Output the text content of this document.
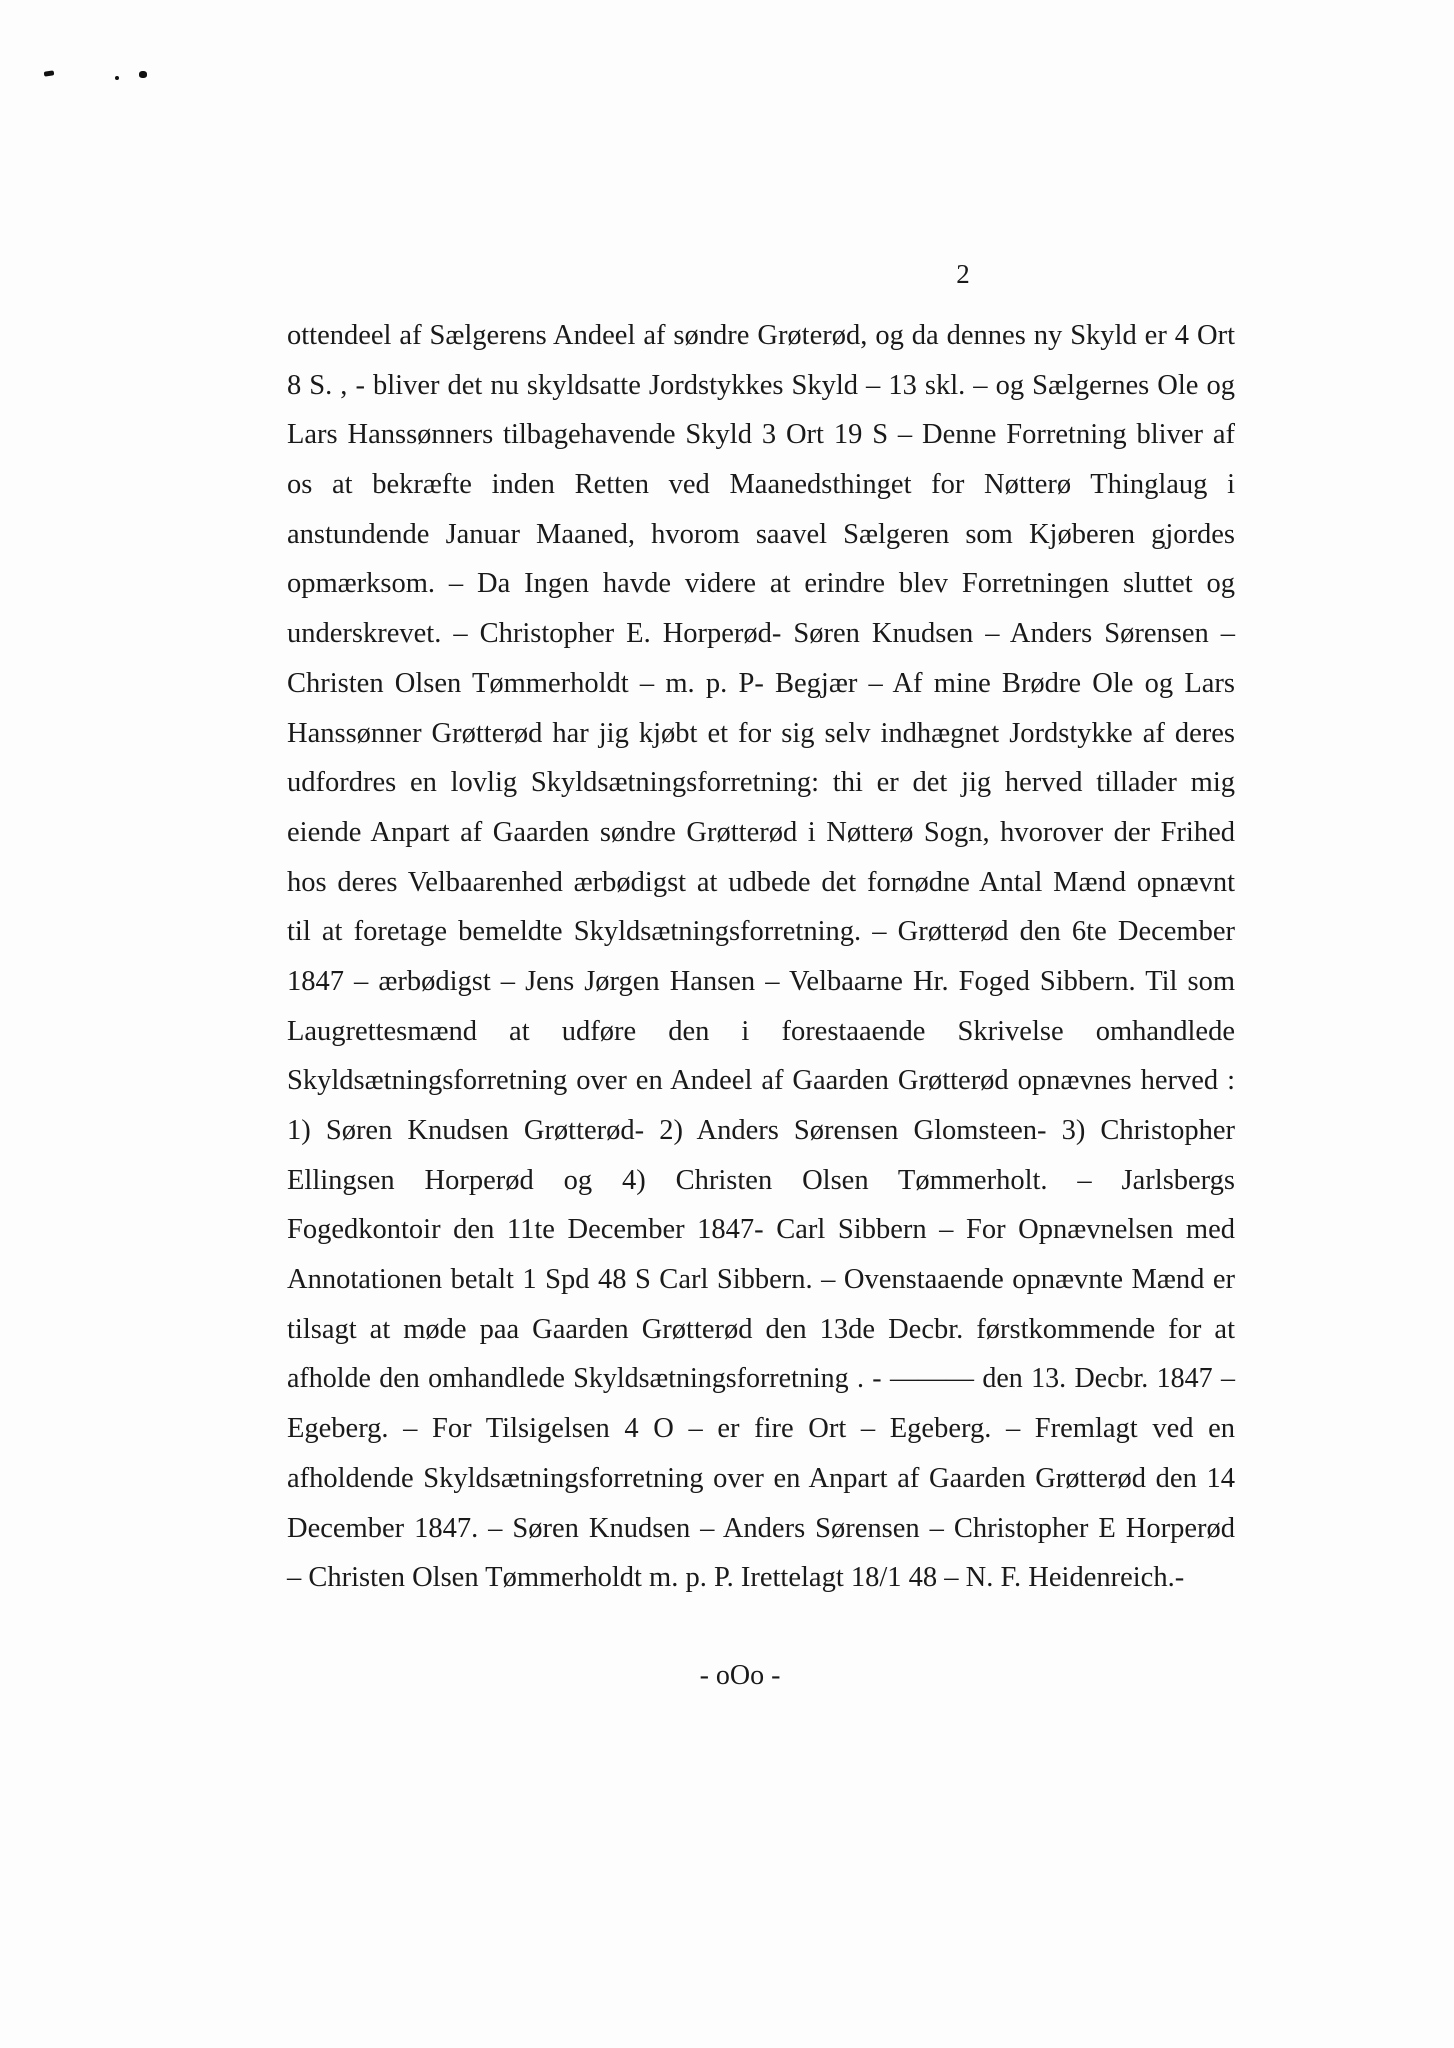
2
ottendeel af Sælgerens Andeel af søndre Grøterød, og da dennes ny Skyld er 4 Ort
8 S. , - bliver det nu skyldsatte Jordstykkes Skyld – 13 skl. – og Sælgernes Ole og
Lars Hanssønners tilbagehavende Skyld 3 Ort 19 S – Denne Forretning bliver af
os at bekræfte inden Retten ved Maanedsthinget for Nøtterø Thinglaug i
anstundende Januar Maaned, hvorom saavel Sælgeren som Kjøberen gjordes
opmærksom. – Da Ingen havde videre at erindre blev Forretningen sluttet og
underskrevet. – Christopher E. Horperød- Søren Knudsen – Anders Sørensen –
Christen Olsen Tømmerholdt – m. p. P- Begjær – Af mine Brødre Ole og Lars
Hanssønner Grøtterød har jig kjøbt et for sig selv indhægnet Jordstykke af deres
udfordres en lovlig Skyldsætningsforretning: thi er det jig herved tillader mig
eiende Anpart af Gaarden søndre Grøtterød i Nøtterø Sogn, hvorover der Frihed
hos deres Velbaarenhed ærbødigst at udbede det fornødne Antal Mænd opnævnt
til at foretage bemeldte Skyldsætningsforretning. – Grøtterød den 6te December
1847 – ærbødigst – Jens Jørgen Hansen – Velbaarne Hr. Foged Sibbern. Til som
Laugrettesmænd at udføre den i forestaaende Skrivelse omhandlede
Skyldsætningsforretning over en Andeel af Gaarden Grøtterød opnævnes herved :
1) Søren Knudsen Grøtterød- 2) Anders Sørensen Glomsteen- 3) Christopher
Ellingsen Horperød og 4) Christen Olsen Tømmerholt. – Jarlsbergs
Fogedkontoir den 11te December 1847- Carl Sibbern – For Opnævnelsen med
Annotationen betalt 1 Spd 48 S Carl Sibbern. – Ovenstaaende opnævnte Mænd er
tilsagt at møde paa Gaarden Grøtterød den 13de Decbr. førstkommende for at
afholde den omhandlede Skyldsætningsforretning . - ——— den 13. Decbr. 1847 –
Egeberg. – For Tilsigelsen 4 O – er fire Ort – Egeberg. – Fremlagt ved en
afholdende Skyldsætningsforretning over en Anpart af Gaarden Grøtterød den 14
December 1847. – Søren Knudsen – Anders Sørensen – Christopher E Horperød
– Christen Olsen Tømmerholdt m. p. P. Irettelagt 18/1 48 – N. F. Heidenreich.-
- oOo -
